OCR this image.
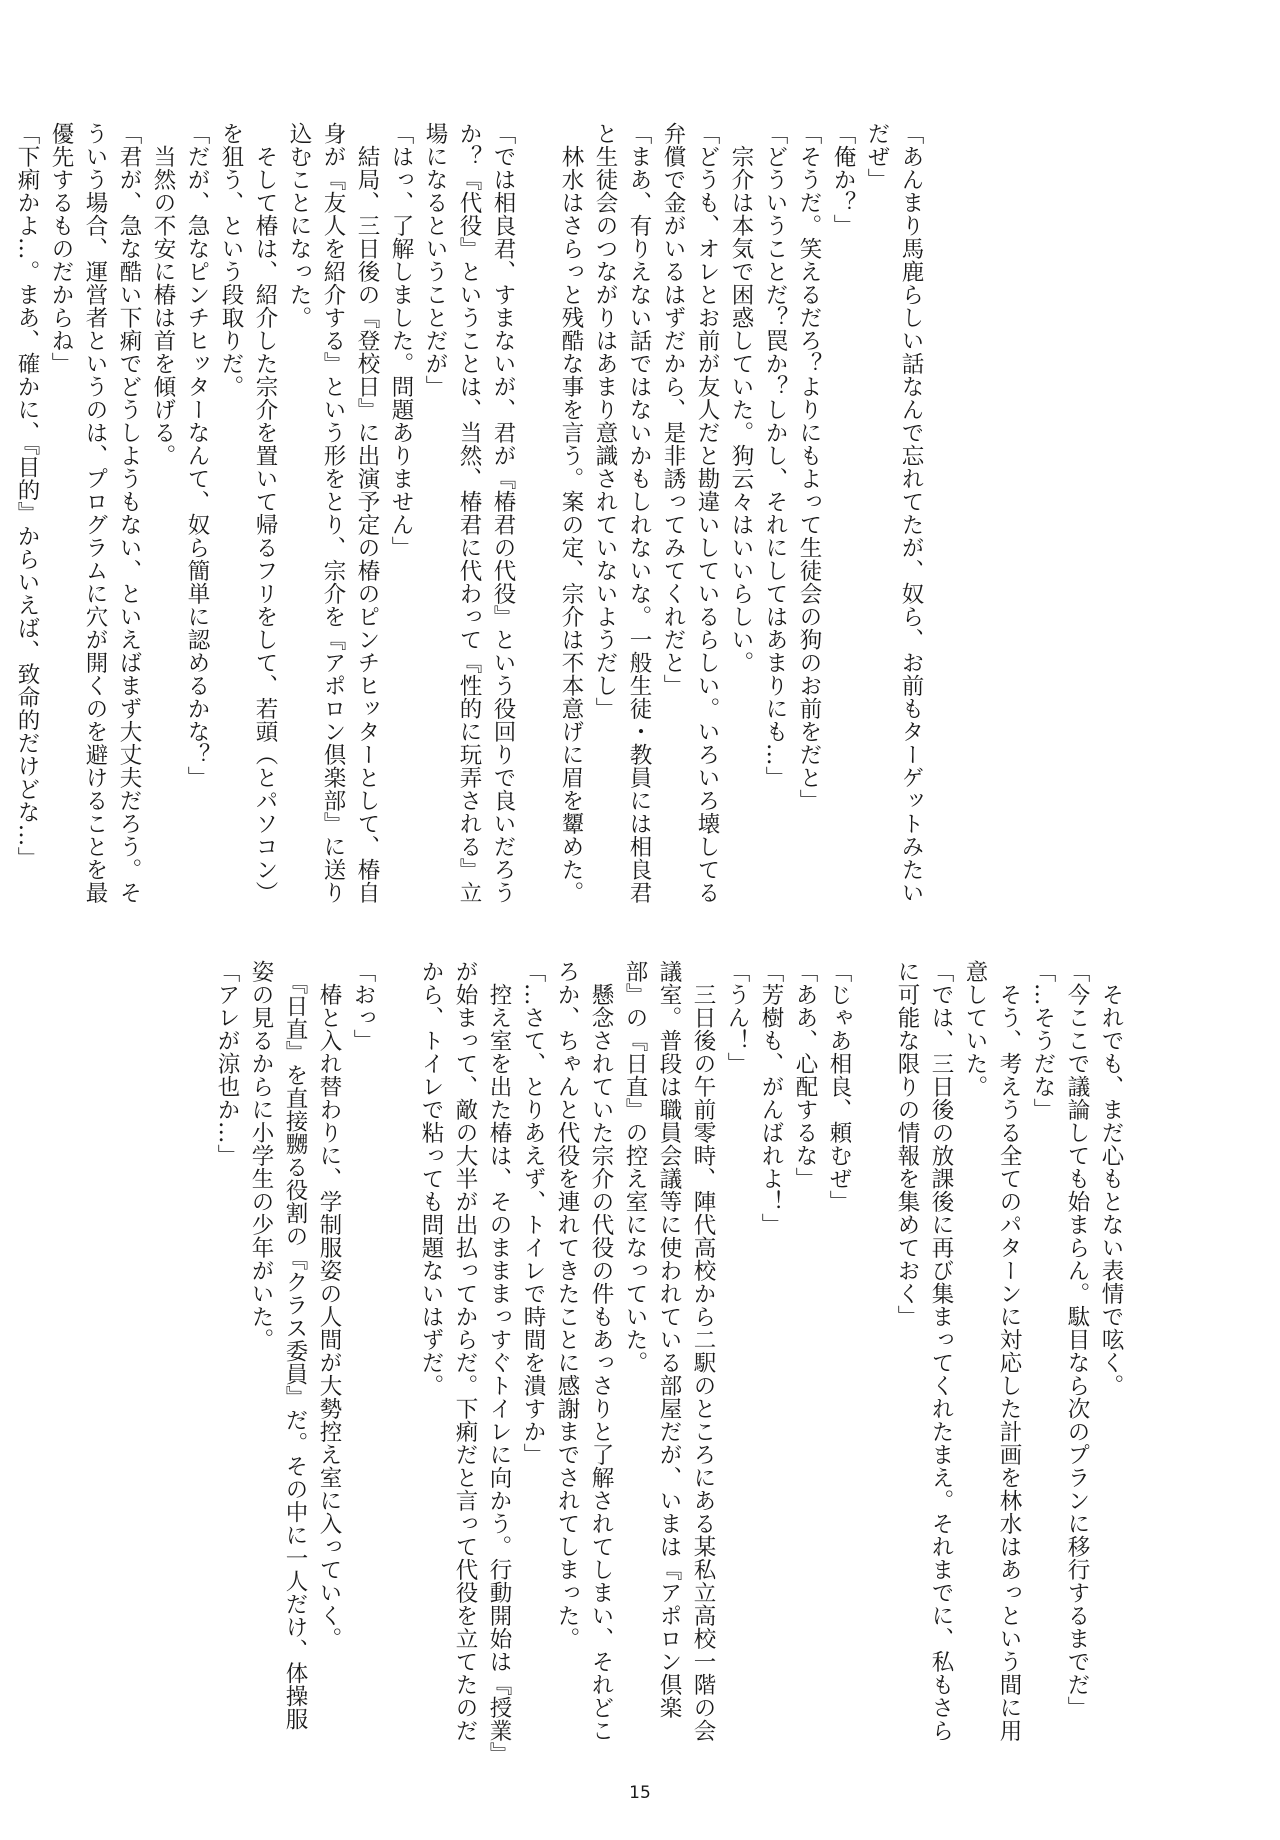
「あんまり馬鹿らしい話なんで忘れてたが、奴ら、お前もターゲットみたい

だぜ」

「俺か？」

「そうだ。笑えるだろ？よりにもよって生徒会の狗のお前をだと」

「どういうことだ？罠か？しかし、それにしてはあまりにも…」

　宗介は本気で困惑していた。狗云々はいいらしい。

「どうも、オレとお前が友人だと勘違いしているらしい。いろいろ壊してる

弁償で金がいるはずだから、是非誘ってみてくれだと」

「まあ、有りえない話ではないかもしれないな。一般生徒・教員には相良君

と生徒会のつながりはあまり意識されていないようだし」

　林水はさらっと残酷な事を言う。案の定、宗介は不本意げに眉を顰めた。

「では相良君、すまないが、君が『椿君の代役』という役回りで良いだろう

か？『代役』ということは、当然、椿君に代わって『性的に玩弄される』立

場になるということだが」

「はっ、了解しました。問題ありません」

　結局、三日後の『登校日』に出演予定の椿のピンチヒッターとして、椿自

身が『友人を紹介する』という形をとり、宗介を『アポロン倶楽部』に送り

込むことになった。

　そして椿は、紹介した宗介を置いて帰るフリをして、若頭（とパソコン）

を狙う、という段取りだ。

「だが、急なピンチヒッターなんて、奴ら簡単に認めるかな？」

　当然の不安に椿は首を傾げる。

「君が、急な酷い下痢でどうしようもない、といえばまず大丈夫だろう。そ

ういう場合、運営者というのは、プログラムに穴が開くのを避けることを最

優先するものだからね」

「下痢かよ…。まあ、確かに、『目的』からいえば、致命的だけどな…」

　それでも、まだ心もとない表情で呟く。

「今ここで議論しても始まらん。駄目なら次のプランに移行するまでだ」

「…そうだな」

　そう、考えうる全てのパターンに対応した計画を林水はあっという間に用

意していた。

「では、三日後の放課後に再び集まってくれたまえ。それまでに、私もさら

に可能な限りの情報を集めておく」

「じゃあ相良、頼むぜ」

「ああ、心配するな」

「芳樹も、がんばれよ！」

「うん！」

　三日後の午前零時、陣代高校から二駅のところにある某私立高校一階の会

議室。普段は職員会議等に使われている部屋だが、いまは『アポロン倶楽

部』の『日直』の控え室になっていた。

　懸念されていた宗介の代役の件もあっさりと了解されてしまい、それどこ

ろか、ちゃんと代役を連れてきたことに感謝までされてしまった。

「…さて、とりあえず、トイレで時間を潰すか」

　控え室を出た椿は、そのまままっすぐトイレに向かう。行動開始は『授業』

が始まって、敵の大半が出払ってからだ。下痢だと言って代役を立てたのだ

から、トイレで粘っても問題ないはずだ。

「おっ」

　椿と入れ替わりに、学制服姿の人間が大勢控え室に入っていく。

　『日直』を直接嬲る役割の『クラス委員』だ。その中に一人だけ、体操服

姿の見るからに小学生の少年がいた。

「アレが涼也か…」

15
